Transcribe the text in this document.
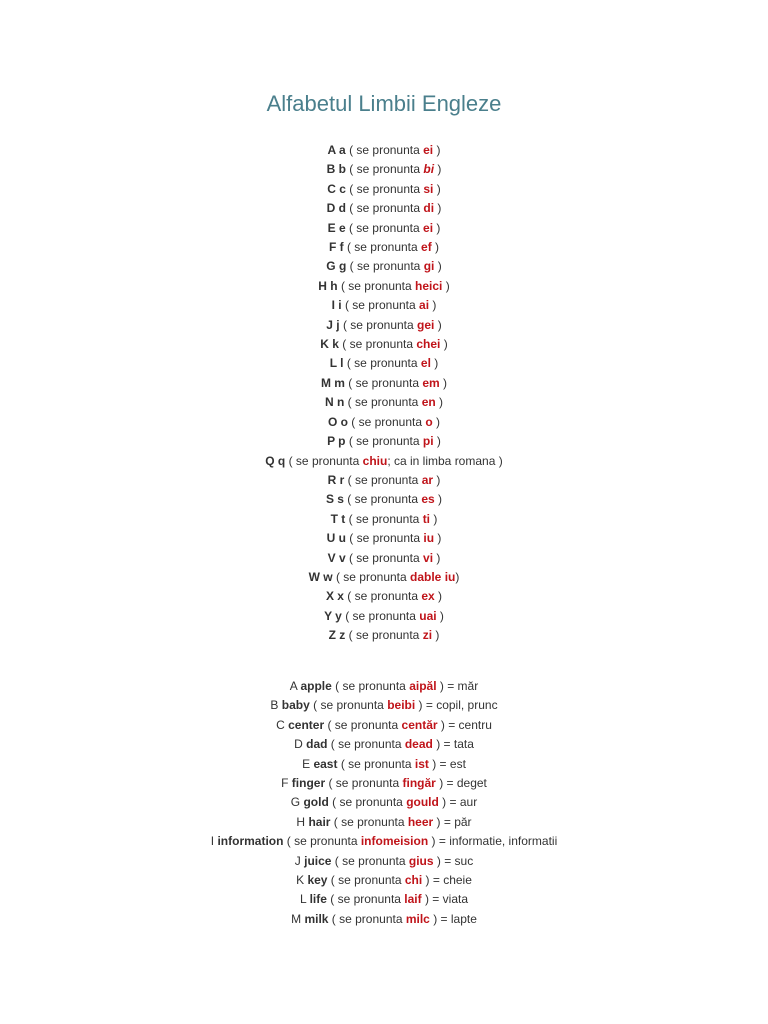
Alfabetul Limbii Engleze
A a ( se pronunta ei )
B b ( se pronunta bi )
C c ( se pronunta si )
D d ( se pronunta di )
E e ( se pronunta ei )
F f ( se pronunta ef )
G g ( se pronunta gi )
H h ( se pronunta heici )
I i ( se pronunta ai )
J j ( se pronunta gei )
K k ( se pronunta chei )
L l ( se pronunta el )
M m ( se pronunta em )
N n ( se pronunta en )
O o ( se pronunta o )
P p ( se pronunta pi )
Q q ( se pronunta chiu; ca in limba romana )
R r ( se pronunta ar )
S s ( se pronunta es )
T t ( se pronunta ti )
U u ( se pronunta iu )
V v ( se pronunta vi )
W w ( se pronunta dable iu)
X x ( se pronunta ex )
Y y ( se pronunta uai )
Z z ( se pronunta zi )
A apple ( se pronunta aipăl ) = măr
B baby ( se pronunta beibi ) = copil, prunc
C center ( se pronunta centăr ) = centru
D dad ( se pronunta dead ) = tata
E east ( se pronunta ist ) = est
F finger ( se pronunta fingăr ) = deget
G gold ( se pronunta gould ) = aur
H hair ( se pronunta heer ) = păr
I information ( se pronunta infomeision ) = informatie, informatii
J juice ( se pronunta gius ) = suc
K key ( se pronunta chi ) = cheie
L life ( se pronunta laif ) = viata
M milk ( se pronunta milc ) = lapte
